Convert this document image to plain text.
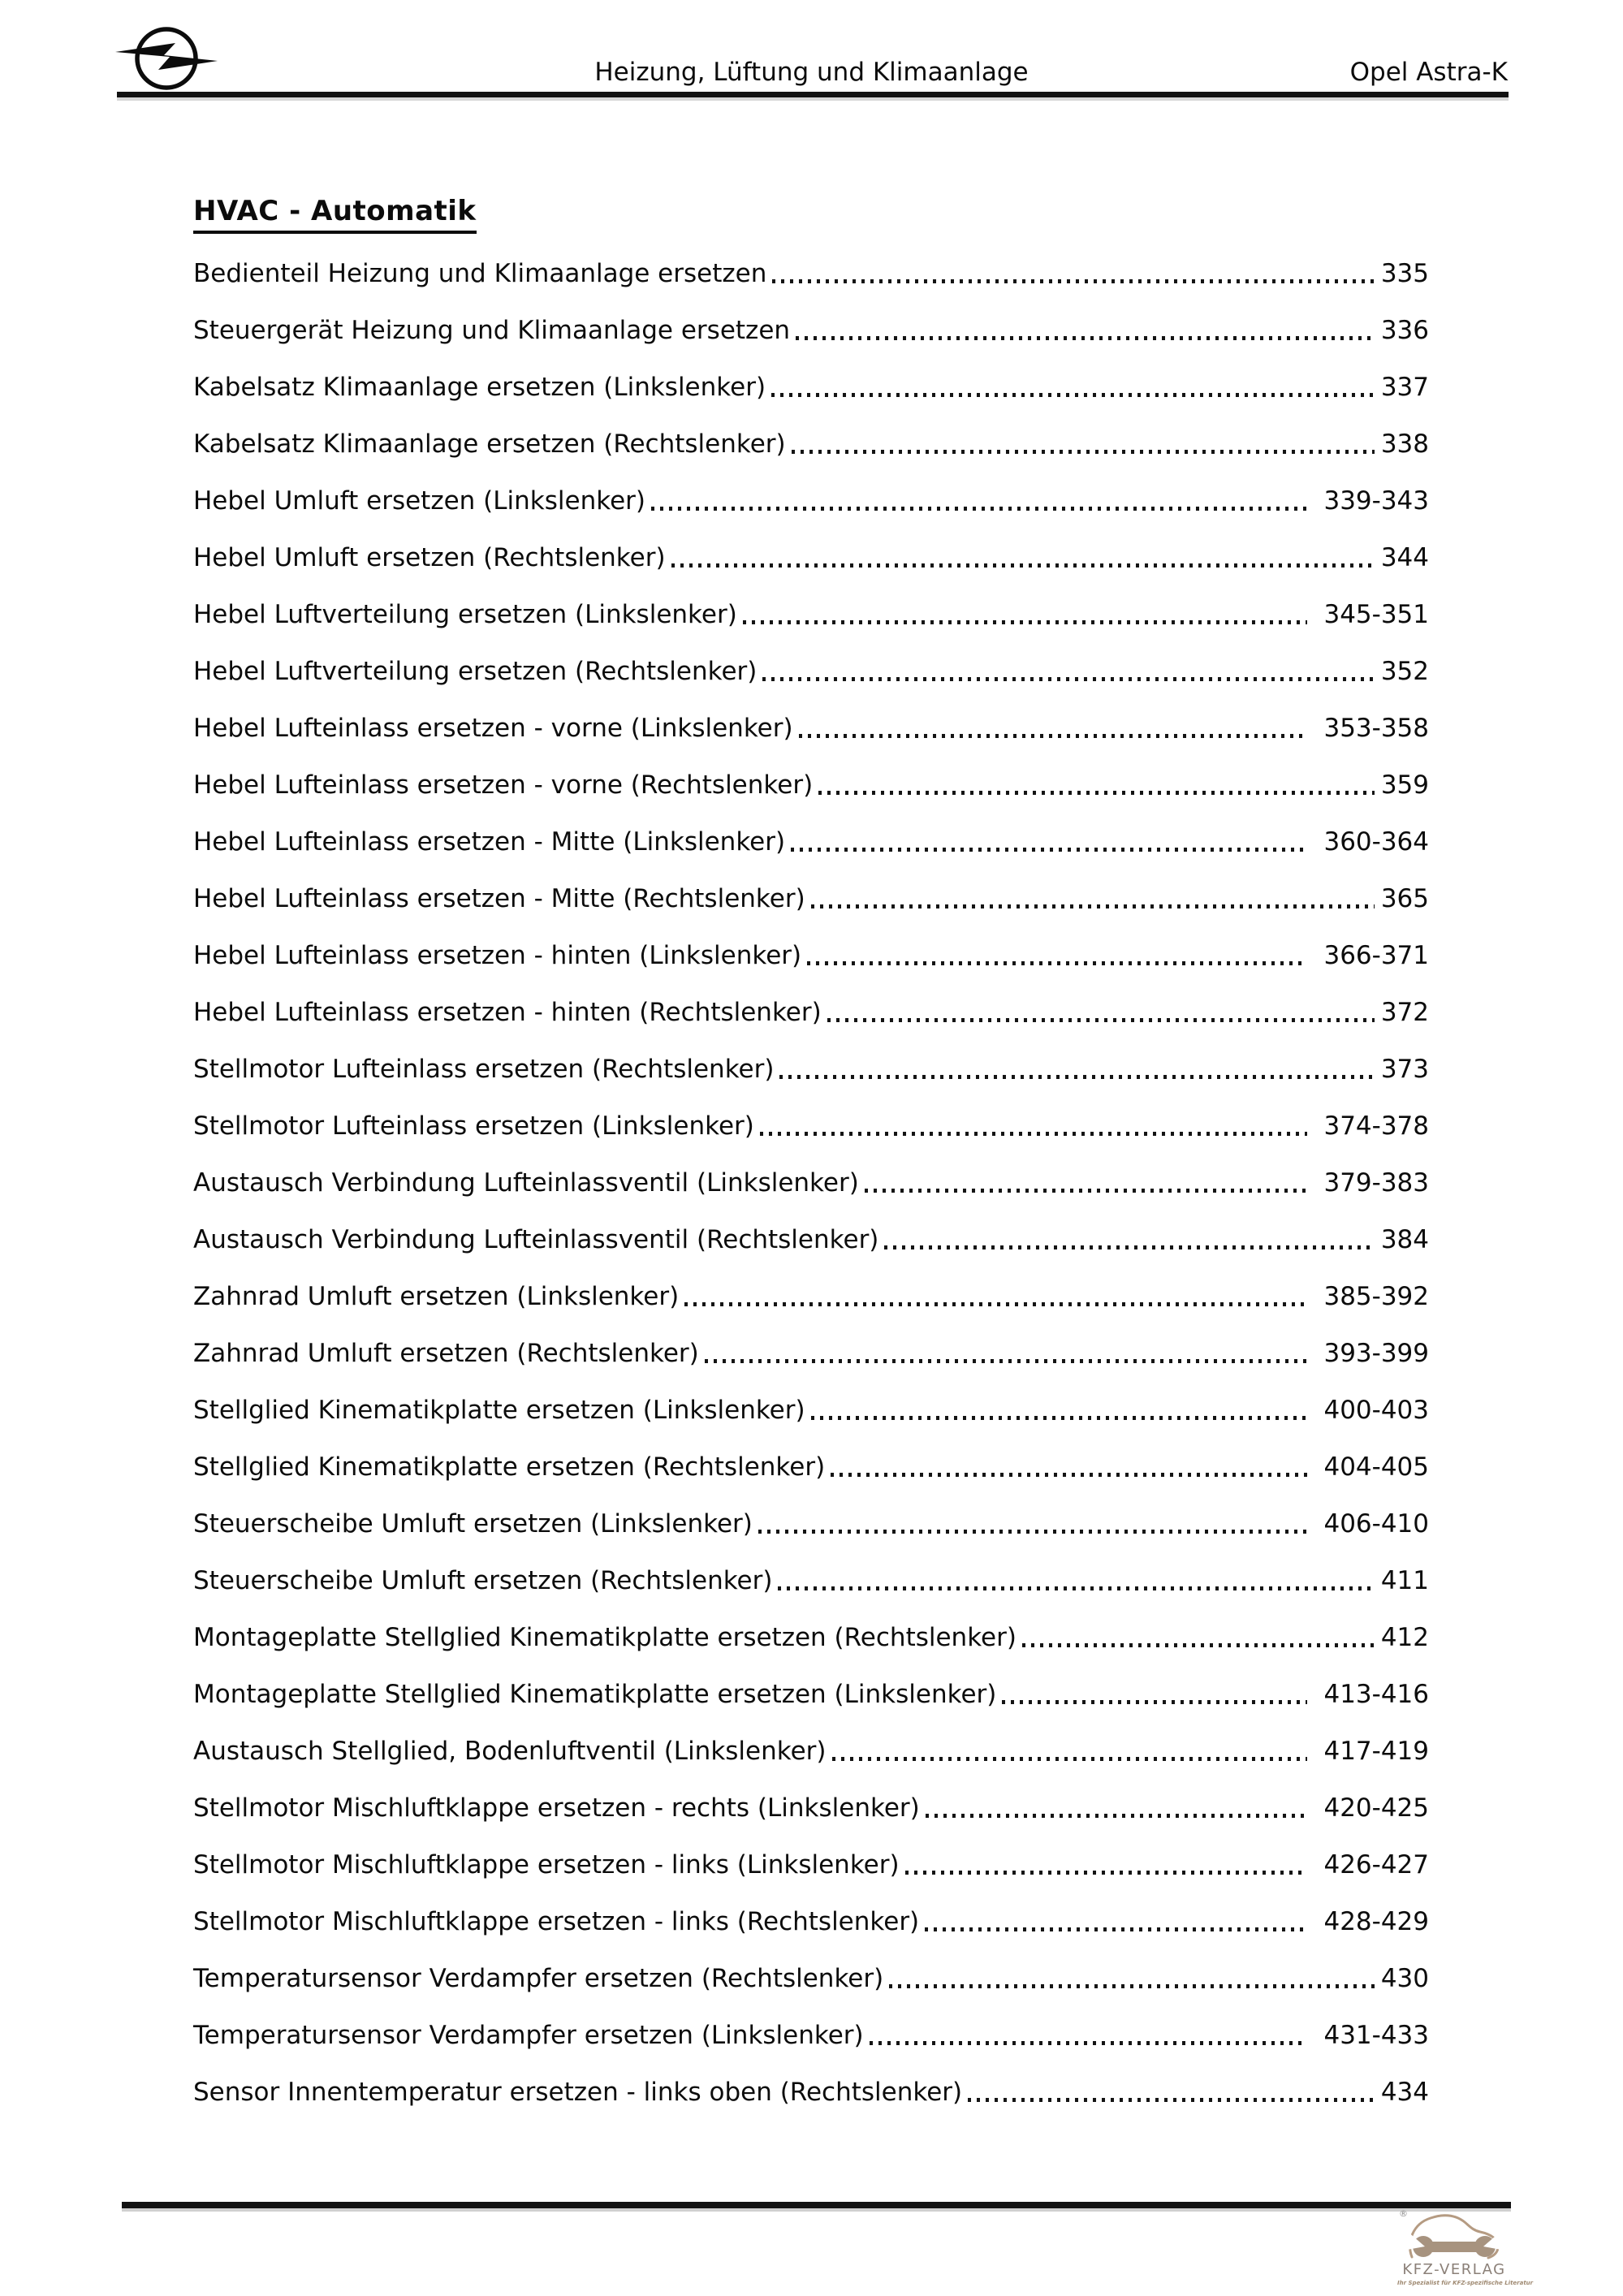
Heizung, Lüftung und Klimaanlage	Opel Astra-K
HVAC - Automatik
Bedienteil Heizung und Klimaanlage ersetzen	335
Steuergerät Heizung und Klimaanlage ersetzen	336
Kabelsatz Klimaanlage ersetzen (Linkslenker)	337
Kabelsatz Klimaanlage ersetzen (Rechtslenker)	338
Hebel Umluft ersetzen (Linkslenker)	339-343
Hebel Umluft ersetzen (Rechtslenker)	344
Hebel Luftverteilung ersetzen (Linkslenker)	345-351
Hebel Luftverteilung ersetzen (Rechtslenker)	352
Hebel Lufteinlass ersetzen - vorne (Linkslenker)	353-358
Hebel Lufteinlass ersetzen - vorne (Rechtslenker)	359
Hebel Lufteinlass ersetzen - Mitte (Linkslenker)	360-364
Hebel Lufteinlass ersetzen - Mitte (Rechtslenker)	365
Hebel Lufteinlass ersetzen - hinten (Linkslenker)	366-371
Hebel Lufteinlass ersetzen - hinten (Rechtslenker)	372
Stellmotor Lufteinlass ersetzen (Rechtslenker)	373
Stellmotor Lufteinlass ersetzen (Linkslenker)	374-378
Austausch Verbindung Lufteinlassventil (Linkslenker)	379-383
Austausch Verbindung Lufteinlassventil (Rechtslenker)	384
Zahnrad Umluft ersetzen (Linkslenker)	385-392
Zahnrad Umluft ersetzen (Rechtslenker)	393-399
Stellglied Kinematikplatte ersetzen (Linkslenker)	400-403
Stellglied Kinematikplatte ersetzen (Rechtslenker)	404-405
Steuerscheibe Umluft ersetzen (Linkslenker)	406-410
Steuerscheibe Umluft ersetzen (Rechtslenker)	411
Montageplatte Stellglied Kinematikplatte ersetzen (Rechtslenker)	412
Montageplatte Stellglied Kinematikplatte ersetzen (Linkslenker)	413-416
Austausch Stellglied, Bodenluftventil (Linkslenker)	417-419
Stellmotor Mischluftklappe ersetzen - rechts (Linkslenker)	420-425
Stellmotor Mischluftklappe ersetzen - links (Linkslenker)	426-427
Stellmotor Mischluftklappe ersetzen - links (Rechtslenker)	428-429
Temperatursensor Verdampfer ersetzen (Rechtslenker)	430
Temperatursensor Verdampfer ersetzen (Linkslenker)	431-433
Sensor Innentemperatur ersetzen - links oben (Rechtslenker)	434
®
KFZ-VERLAG
Ihr Spezialist für KFZ-spezifische Literatur
